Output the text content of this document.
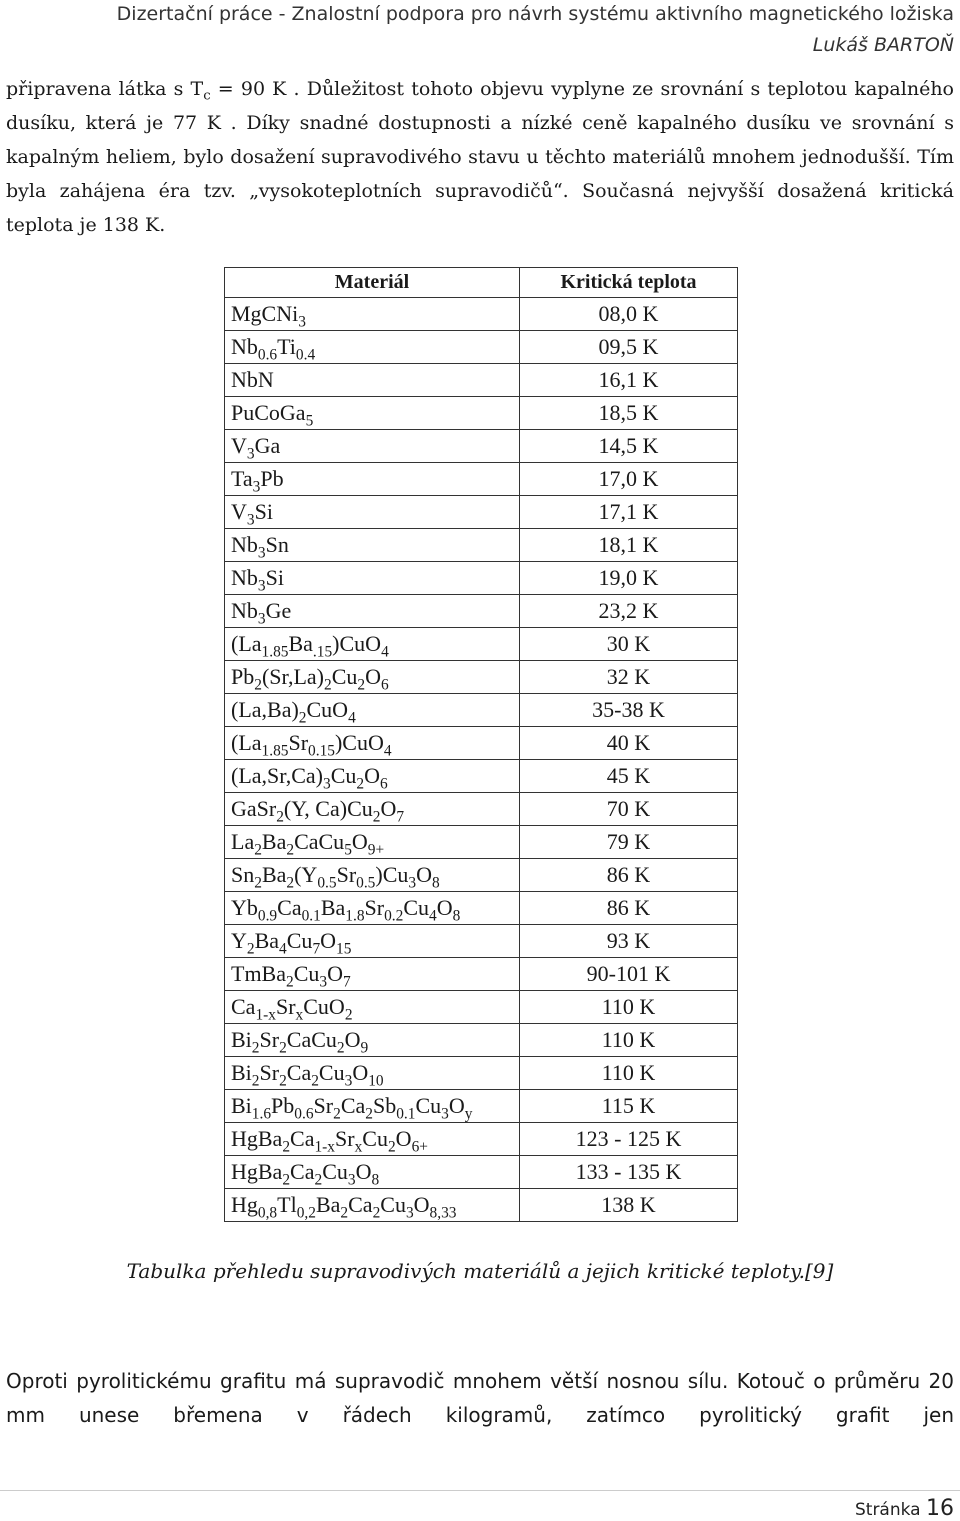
Dizertační práce - Znalostní podpora pro návrh systému aktivního magnetického ložiska
Lukáš BARTOŇ

připravena látka s $T_c = 90$ K . Důležitost tohoto objevu vyplyne ze srovnání s teplotou kapalného dusíku, která je 77 K . Díky snadné dostupnosti a nízké ceně kapalného dusíku ve srovnání s kapalným heliem, bylo dosažení supravodivého stavu u těchto materiálů mnohem jednodušší. Tím byla zahájena éra tzv. „vysokoteplotních supravodičů“. Současná nejvyšší dosažená kritická teplota je 138 K.

Materiál	Kritická teplota
MgCNi$_3$	08,0 K
$Nb_{0.6}Ti_{0.4}$	09,5 K
NbN	16,1 K
PuCoGa$_5$	18,5 K
$V_3Ga$	14,5 K
$Ta_3Pb$	17,0 K
$V_3Si$	17,1 K
$Nb_3Sn$	18,1 K
$Nb_3Si$	19,0 K
$Nb_3Ge$	23,2 K
$(La_{1.85}Ba_{.15})CuO_4$	30 K
$Pb_2(Sr,La)_2Cu_2O_6$	32 K
$(La,Ba)_2CuO_4$	35-38 K
$(La_{1.85}Sr_{0.15})CuO_4$	40 K
$(La,Sr,Ca)_3Cu_2O_6$	45 K
GaSr$_2$(Y, $Ca)Cu_2O_7$	70 K
$La_2Ba_2CaCu_5O_{9+}$	79 K
$Sn_2Ba_2(Y_{0.5}Sr_{0.5})Cu_3O_8$	86 K
$Yb_{0.9}Ca_{0.1}Ba_{1.8}Sr_{0.2}Cu_4O_8$	86 K
$Y_2Ba_4Cu_7O_{15}$	93 K
$TmBa_2Cu_3O_7$	90-101 K
$Ca_{1-x}Sr_xCuO_2$	110 K
$Bi_2Sr_2CaCu_2O_9$	110 K
$Bi_2Sr_2Ca_2Cu_3O_{10}$	110 K
$Bi_{1.6}Pb_{0.6}Sr_2Ca_2Sb_{0.1}Cu_3O_y$	115 K
$HgBa_2Ca_{1-x}Sr_xCu_2O_{6+}$	123 - 125 K
$HgBa_2Ca_2Cu_3O_8$	133 - 135 K
$Hg_{0,8}Tl_{0,2}Ba_2Ca_2Cu_3O_{8,33}$	138 K
Tabulka přehledu supravodivých materiálů a jejich kritické teploty.[9]
Oproti pyrolitickému grafitu má supravodič mnohem větší nosnou sílu. Kotouč o průměru 20 mm unese břemena v řádech kilogramů, zatímco pyrolitický grafit jen
Stránka 16
